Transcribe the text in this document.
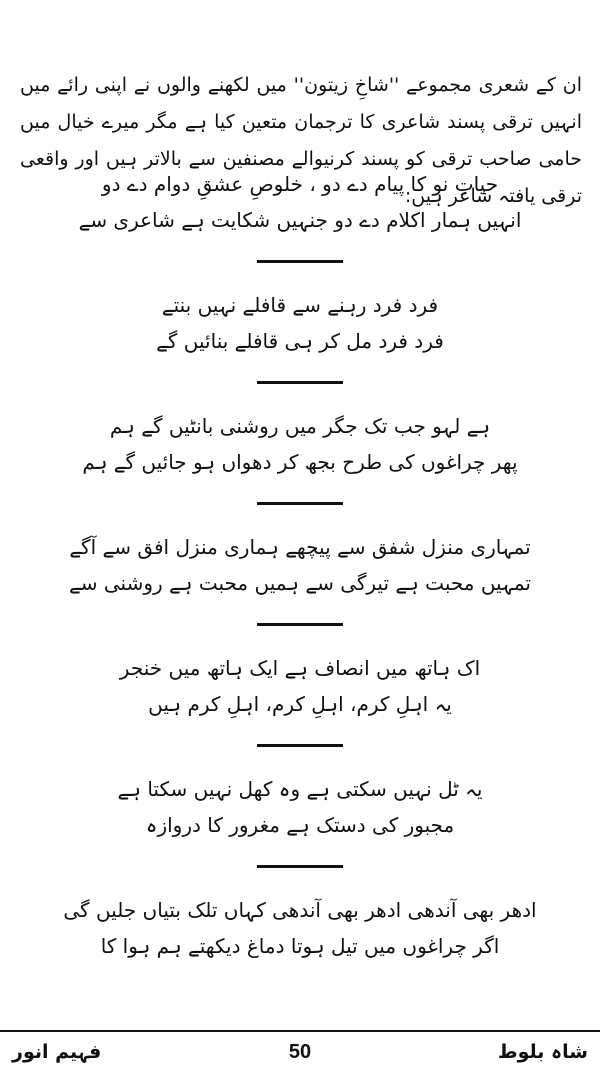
ان کے شعری مجموعے ''شاخِ زیتون'' میں لکھنے والوں نے اپنی رائے میں انہیں ترقی پسند شاعری کا ترجمان متعین کیا ہے مگر میرے خیال میں حامی صاحب ترقی کو پسند کرنیوالے مصنفین سے بالاتر ہیں اور واقعی ترقی یافتہ شاعر ہیں:

حیاتِ نو کا پیام دے دو ، خلوصِ عشقِ دوام دے دو
انہیں ہمار اکلام دے دو جنہیں شکایت ہے شاعری سے
فرد فرد رہنے سے قافلے نہیں بنتے
فرد فرد مل کر ہی قافلے بنائیں گے
ہے لہو جب تک جگر میں روشنی بانٹیں گے ہم
پھر چراغوں کی طرح بجھ کر دھواں ہو جائیں گے ہم
تمہاری منزل شفق سے پیچھے ہماری منزل افق سے آگے
تمہیں محبت ہے تیرگی سے ہمیں محبت ہے روشنی سے
اک ہاتھ میں انصاف ہے ایک ہاتھ میں خنجر
یہ اہلِ کرم، اہلِ کرم، اہلِ کرم ہیں
یہ ٹل نہیں سکتی ہے وہ کھل نہیں سکتا ہے
مجبور کی دستک ہے مغرور کا دروازہ
ادھر بھی آندھی ادھر بھی آندھی کہاں تلک بتیاں جلیں گی
اگر چراغوں میں تیل ہوتا دماغ دیکھتے ہم ہوا کا
فہیم انور	50	شاہ بلوط
